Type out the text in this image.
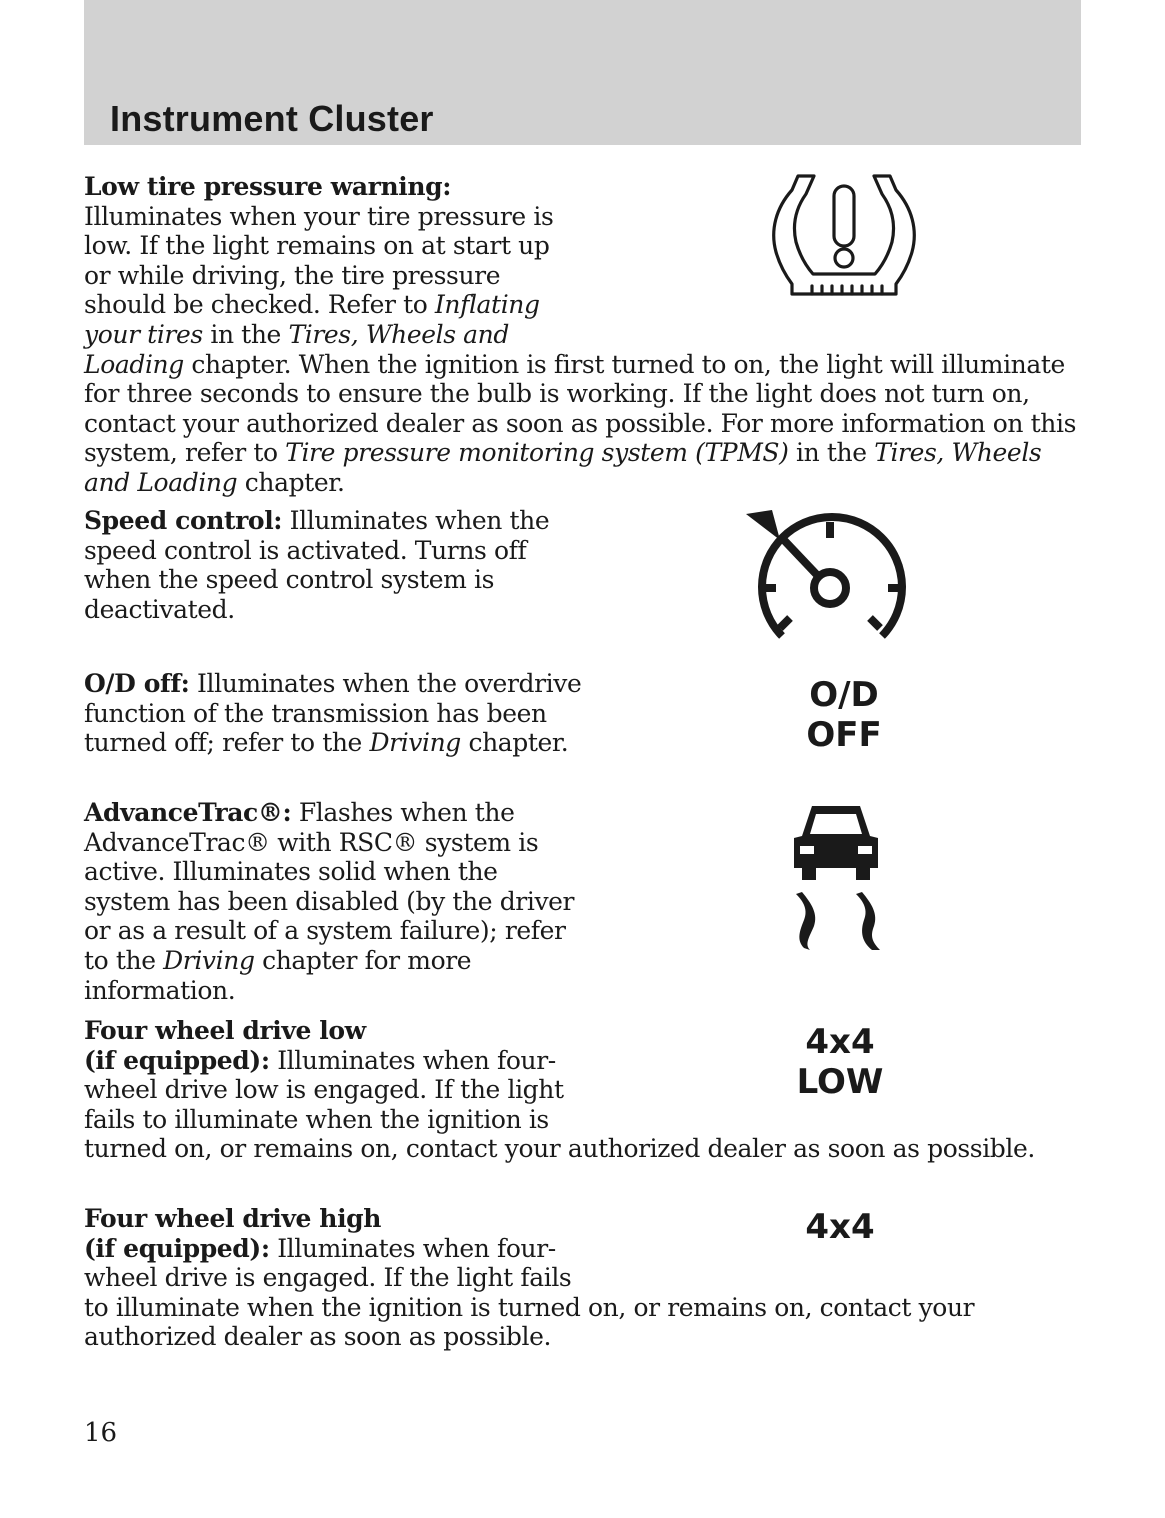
Instrument Cluster

Low tire pressure warning: Illuminates when your tire pressure is low. If the light remains on at start up or while driving, the tire pressure should be checked. Refer to Inflating your tires in the Tires, Wheels and Loading chapter. When the ignition is first turned to on, the light will illuminate for three seconds to ensure the bulb is working. If the light does not turn on, contact your authorized dealer as soon as possible. For more information on this system, refer to Tire pressure monitoring system (TPMS) in the Tires, Wheels and Loading chapter.

Speed control: Illuminates when the speed control is activated. Turns off when the speed control system is deactivated.

O/D off: Illuminates when the overdrive function of the transmission has been turned off; refer to the Driving chapter.

O/D
OFF

AdvanceTrac®: Flashes when the AdvanceTrac® with RSC® system is active. Illuminates solid when the system has been disabled (by the driver or as a result of a system failure); refer to the Driving chapter for more information.

Four wheel drive low
(if equipped): Illuminates when four-wheel drive low is engaged. If the light fails to illuminate when the ignition is turned on, or remains on, contact your authorized dealer as soon as possible.

4x4
LOW

Four wheel drive high
(if equipped): Illuminates when four-wheel drive is engaged. If the light fails to illuminate when the ignition is turned on, or remains on, contact your authorized dealer as soon as possible.

4x4

16
